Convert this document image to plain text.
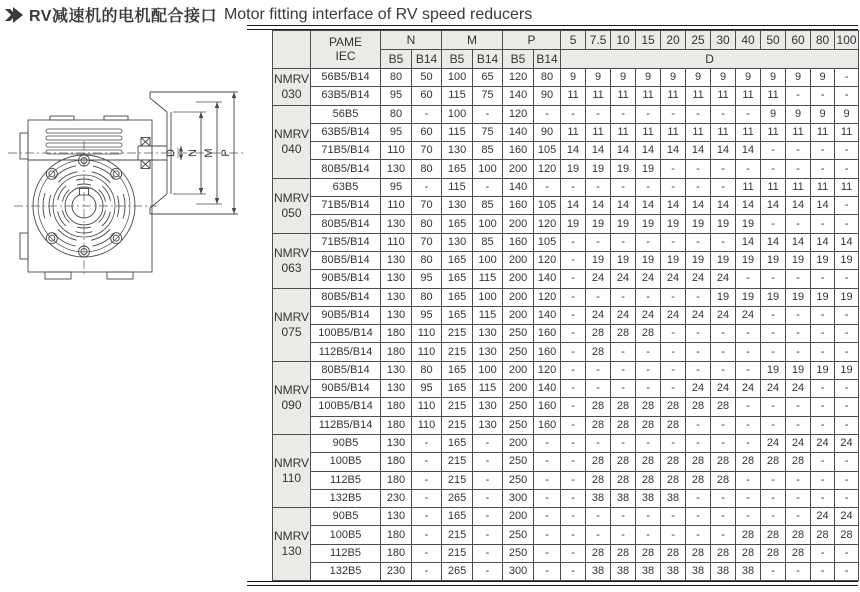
RV减速机的电机配合接口 Motor fitting interface of RV speed reducers
D N M P

	PAME
IEC	N		M		P		5	7.5	10	15	20	25	30	40	50	60	80	100
		B5	B14	B5	B14	B5	B14	D											

NMRV
030	56B5/B14	80	50	100	65	120	80	9	9	9	9	9	9	9	9	9	9	9	-
	63B5/B14	95	60	115	75	140	90	11	11	11	11	11	11	11	11	11	-	-	-

NMRV
040	56B5	80	-	100	-	120	-	-	-	-	-	-	-	-	-	9	9	9	9
	63B5/B14	95	60	115	75	140	90	11	11	11	11	11	11	11	11	11	11	11	11
	71B5/B14	110	70	130	85	160	105	14	14	14	14	14	14	14	14	-	-	-	-
	80B5/B14	130	80	165	100	200	120	19	19	19	19	-	-	-	-	-	-	-	-

NMRV
050	63B5	95	-	115	-	140	-	-	-	-	-	-	-	-	11	11	11	11	11
	71B5/B14	110	70	130	85	160	105	14	14	14	14	14	14	14	14	14	14	14	-
	80B5/B14	130	80	165	100	200	120	19	19	19	19	19	19	19	19	-	-	-	-

NMRV
063	71B5/B14	110	70	130	85	160	105	-	-	-	-	-	-	-	14	14	14	14	14
	80B5/B14	130	80	165	100	200	120	-	19	19	19	19	19	19	19	19	19	19	19
	90B5/B14	130	95	165	115	200	140	-	24	24	24	24	24	24	-	-	-	-	-

NMRV
075	80B5/B14	130	80	165	100	200	120	-	-	-	-	-	-	19	19	19	19	19	19
	90B5/B14	130	95	165	115	200	140	-	24	24	24	24	24	24	24	-	-	-	-
	100B5/B14	180	110	215	130	250	160	-	28	28	28	-	-	-	-	-	-	-	-
	112B5/B14	180	110	215	130	250	160	-	28	-	-	-	-	-	-	-	-	-	-

NMRV
090	80B5/B14	130	80	165	100	200	120	-	-	-	-	-	-	-	-	19	19	19	19
	90B5/B14	130	95	165	115	200	140	-	-	-	-	-	24	24	24	24	24	-	-
	100B5/B14	180	110	215	130	250	160	-	28	28	28	28	28	28	-	-	-	-	-
	112B5/B14	180	110	215	130	250	160	-	28	28	28	28	-	-	-	-	-	-	-

NMRV
110	90B5	130	-	165	-	200	-	-	-	-	-	-	-	-	-	24	24	24	24
	100B5	180	-	215	-	250	-	-	28	28	28	28	28	28	28	28	28	-	-
	112B5	180	-	215	-	250	-	-	28	28	28	28	28	28	-	-	-	-	-
	132B5	230	-	265	-	300	-	-	38	38	38	38	-	-	-	-	-	-	-

NMRV
130	90B5	130	-	165	-	200	-	-	-	-	-	-	-	-	-	-	-	24	24
	100B5	180	-	215	-	250	-	-	-	-	-	-	-	-	28	28	28	28	28
	112B5	180	-	215	-	250	-	-	28	28	28	28	28	28	28	28	28	-	-
	132B5	230	-	265	-	300	-	-	38	38	38	38	38	38	38	-	-	-	-
